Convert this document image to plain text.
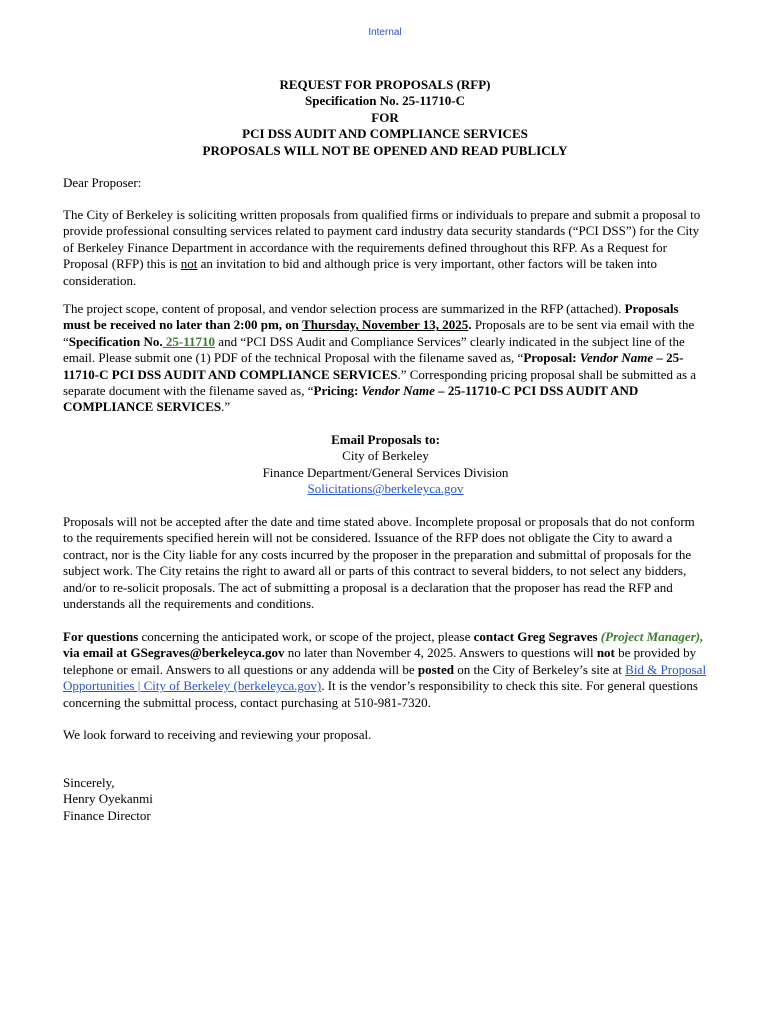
Internal
REQUEST FOR PROPOSALS (RFP)
Specification No. 25-11710-C
FOR
PCI DSS AUDIT AND COMPLIANCE SERVICES
PROPOSALS WILL NOT BE OPENED AND READ PUBLICLY

Dear Proposer:

The City of Berkeley is soliciting written proposals from qualified firms or individuals to prepare and submit a proposal to provide professional consulting services related to payment card industry data security standards (“PCI DSS”) for the City of Berkeley Finance Department in accordance with the requirements defined throughout this RFP. As a Request for Proposal (RFP) this is not an invitation to bid and although price is very important, other factors will be taken into consideration.

The project scope, content of proposal, and vendor selection process are summarized in the RFP (attached). Proposals must be received no later than 2:00 pm, on Thursday, November 13, 2025. Proposals are to be sent via email with the “Specification No. 25-11710 and “PCI DSS Audit and Compliance Services” clearly indicated in the subject line of the email. Please submit one (1) PDF of the technical Proposal with the filename saved as, “Proposal: Vendor Name – 25-11710-C PCI DSS AUDIT AND COMPLIANCE SERVICES.” Corresponding pricing proposal shall be submitted as a separate document with the filename saved as, “Pricing: Vendor Name – 25-11710-C PCI DSS AUDIT AND COMPLIANCE SERVICES.”

Email Proposals to:

City of Berkeley

Finance Department/General Services Division

Solicitations@berkeleyca.gov

Proposals will not be accepted after the date and time stated above. Incomplete proposal or proposals that do not conform to the requirements specified herein will not be considered. Issuance of the RFP does not obligate the City to award a contract, nor is the City liable for any costs incurred by the proposer in the preparation and submittal of proposals for the subject work. The City retains the right to award all or parts of this contract to several bidders, to not select any bidders, and/or to re-solicit proposals. The act of submitting a proposal is a declaration that the proposer has read the RFP and understands all the requirements and conditions.

For questions concerning the anticipated work, or scope of the project, please contact Greg Segraves (Project Manager), via email at GSegraves@berkeleyca.gov no later than November 4, 2025. Answers to questions will not be provided by telephone or email. Answers to all questions or any addenda will be posted on the City of Berkeley’s site at Bid & Proposal Opportunities | City of Berkeley (berkeleyca.gov). It is the vendor’s responsibility to check this site. For general questions concerning the submittal process, contact purchasing at 510-981-7320.

We look forward to receiving and reviewing your proposal.

Sincerely,

Henry Oyekanmi

Finance Director
